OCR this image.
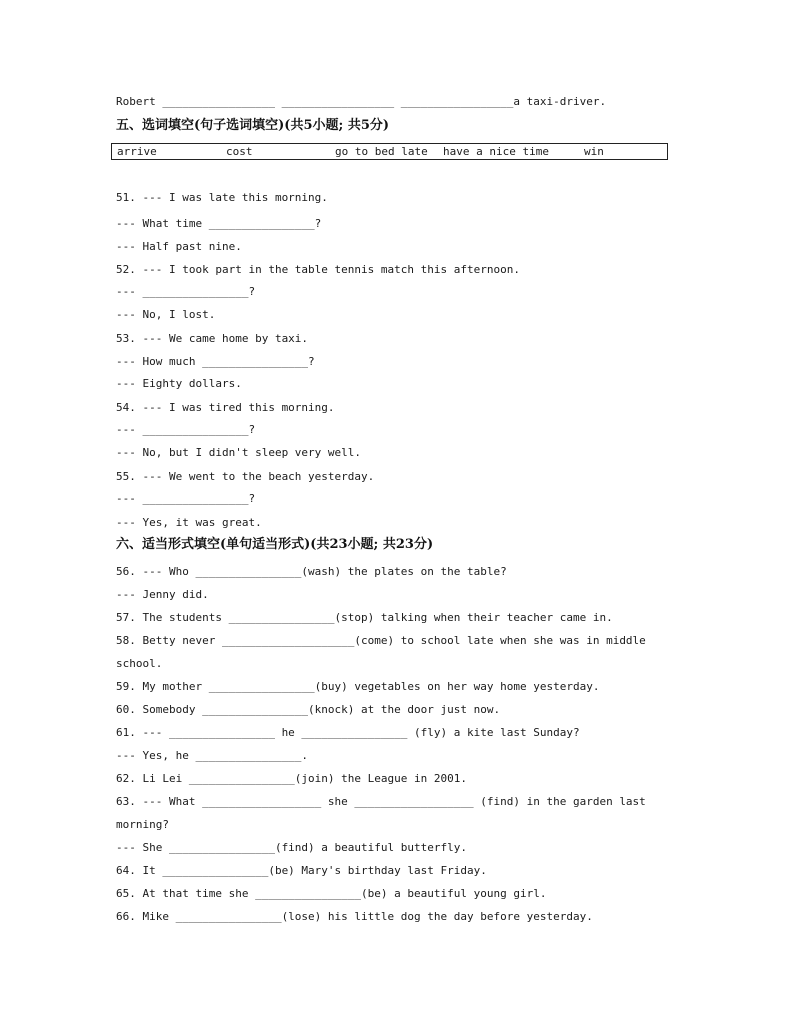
Robert _________________ _________________ _________________a taxi-driver.
五、选词填空(句子选词填空)(共5小题; 共5分)
arrive	cost	go to bed late have a nice time	win
51. --- I was late this morning.
--- What time ________________?
--- Half past nine.
52. --- I took part in the table tennis match this afternoon.
--- ________________?
--- No, I lost.
53. --- We came home by taxi.
--- How much ________________?
--- Eighty dollars.
54. --- I was tired this morning.
--- ________________?
--- No, but I didn't sleep very well.
55. --- We went to the beach yesterday.
--- ________________?
--- Yes, it was great.
六、适当形式填空(单句适当形式)(共23小题; 共23分)
56. --- Who ________________(wash) the plates on the table?
--- Jenny did.
57. The students ________________(stop) talking when their teacher came in.
58. Betty never ____________________(come) to school late when she was in middle
school.
59. My mother ________________(buy) vegetables on her way home yesterday.
60. Somebody ________________(knock) at the door just now.
61. --- ________________ he ________________ (fly) a kite last Sunday?
--- Yes, he ________________.
62. Li Lei ________________(join) the League in 2001.
63. --- What __________________ she __________________ (find) in the garden last
morning?
--- She ________________(find) a beautiful butterfly.
64. It ________________(be) Mary's birthday last Friday.
65. At that time she ________________(be) a beautiful young girl.
66. Mike ________________(lose) his little dog the day before yesterday.
